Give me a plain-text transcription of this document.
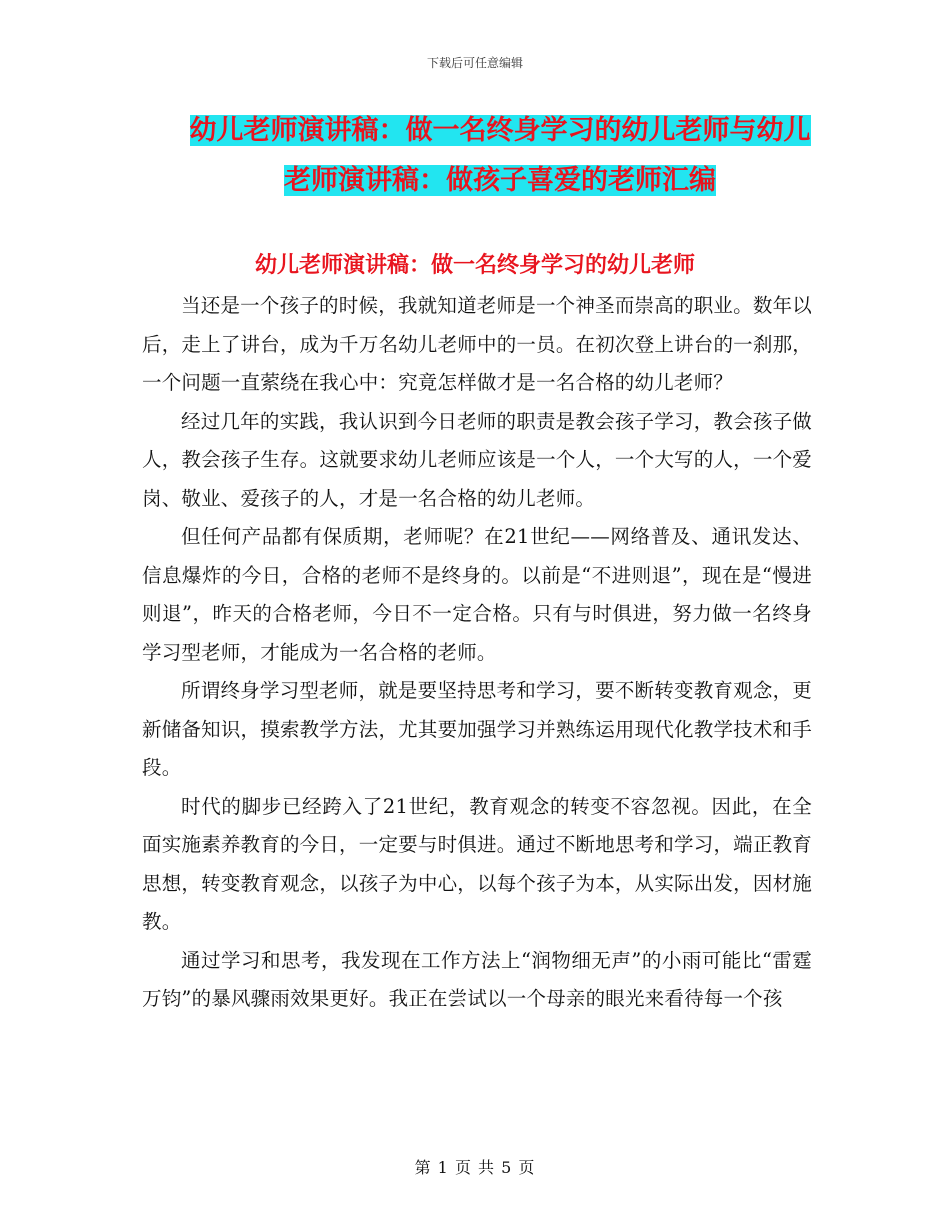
下载后可任意编辑
幼儿老师演讲稿：做一名终身学习的幼儿老师与幼儿
老师演讲稿：做孩子喜爱的老师汇编
幼儿老师演讲稿：做一名终身学习的幼儿老师

当还是一个孩子的时候，我就知道老师是一个神圣而崇高的职业。数年以后，走上了讲台，成为千万名幼儿老师中的一员。在初次登上讲台的一刹那，一个问题一直萦绕在我心中：究竟怎样做才是一名合格的幼儿老师？

经过几年的实践，我认识到今日老师的职责是教会孩子学习，教会孩子做人，教会孩子生存。这就要求幼儿老师应该是一个人，一个大写的人，一个爱岗、敬业、爱孩子的人，才是一名合格的幼儿老师。

但任何产品都有保质期，老师呢？在21世纪——网络普及、通讯发达、信息爆炸的今日，合格的老师不是终身的。以前是“不进则退”，现在是“慢进则退”，昨天的合格老师，今日不一定合格。只有与时俱进，努力做一名终身学习型老师，才能成为一名合格的老师。

所谓终身学习型老师，就是要坚持思考和学习，要不断转变教育观念，更新储备知识，摸索教学方法，尤其要加强学习并熟练运用现代化教学技术和手段。

时代的脚步已经跨入了21世纪，教育观念的转变不容忽视。因此，在全面实施素养教育的今日，一定要与时俱进。通过不断地思考和学习，端正教育思想，转变教育观念，以孩子为中心，以每个孩子为本，从实际出发，因材施教。

通过学习和思考，我发现在工作方法上“润物细无声”的小雨可能比“雷霆万钧”的暴风骤雨效果更好。我正在尝试以一个母亲的眼光来看待每一个孩

第 1 页 共 5 页
